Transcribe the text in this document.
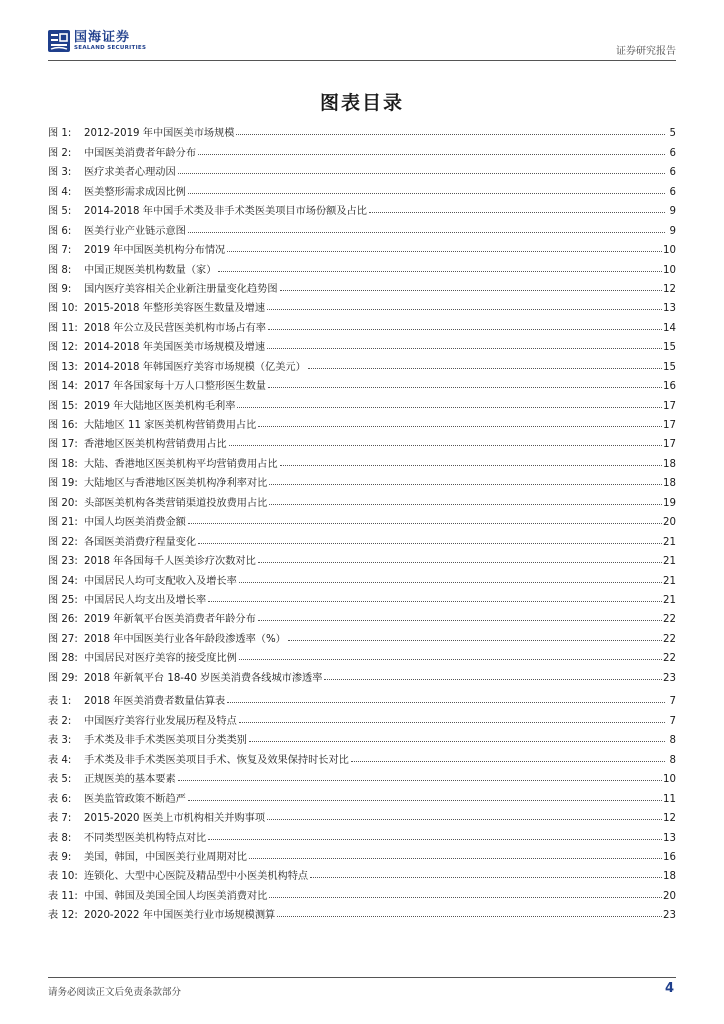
国海证券
SEALAND SECURITIES	证券研究报告
图表目录
图 1: 2012-2019 年中国医美市场规模	5
图 2: 中国医美消费者年龄分布	6
图 3: 医疗求美者心理动因	6
图 4: 医美整形需求成因比例	6
图 5: 2014-2018 年中国手术类及非手术类医美项目市场份额及占比	9
图 6: 医美行业产业链示意图	9
图 7: 2019 年中国医美机构分布情况	10
图 8: 中国正规医美机构数量（家）	10
图 9: 国内医疗美容相关企业新注册量变化趋势图	12
图 10: 2015-2018 年整形美容医生数量及增速	13
图 11: 2018 年公立及民营医美机构市场占有率	14
图 12: 2014-2018 年美国医美市场规模及增速	15
图 13: 2014-2018 年韩国医疗美容市场规模（亿美元）	15
图 14: 2017 年各国家每十万人口整形医生数量	16
图 15: 2019 年大陆地区医美机构毛利率	17
图 16: 大陆地区 11 家医美机构营销费用占比	17
图 17: 香港地区医美机构营销费用占比	17
图 18: 大陆、香港地区医美机构平均营销费用占比	18
图 19: 大陆地区与香港地区医美机构净利率对比	18
图 20: 头部医美机构各类营销渠道投放费用占比	19
图 21: 中国人均医美消费金额	20
图 22: 各国医美消费疗程量变化	21
图 23: 2018 年各国每千人医美诊疗次数对比	21
图 24: 中国居民人均可支配收入及增长率	21
图 25: 中国居民人均支出及增长率	21
图 26: 2019 年新氧平台医美消费者年龄分布	22
图 27: 2018 年中国医美行业各年龄段渗透率（%）	22
图 28: 中国居民对医疗美容的接受度比例	22
图 29: 2018 年新氧平台 18-40 岁医美消费各线城市渗透率	23
表 1: 2018 年医美消费者数量估算表	7
表 2: 中国医疗美容行业发展历程及特点	7
表 3: 手术类及非手术类医美项目分类类别	8
表 4: 手术类及非手术类医美项目手术、恢复及效果保持时长对比	8
表 5: 正规医美的基本要素	10
表 6: 医美监管政策不断趋严	11
表 7: 2015-2020 医美上市机构相关并购事项	12
表 8: 不同类型医美机构特点对比	13
表 9: 美国，韩国，中国医美行业周期对比	16
表 10: 连锁化、大型中心医院及精品型中小医美机构特点	18
表 11: 中国、韩国及美国全国人均医美消费对比	20
表 12: 2020-2022 年中国医美行业市场规模测算	23
请务必阅读正文后免责条款部分	4
